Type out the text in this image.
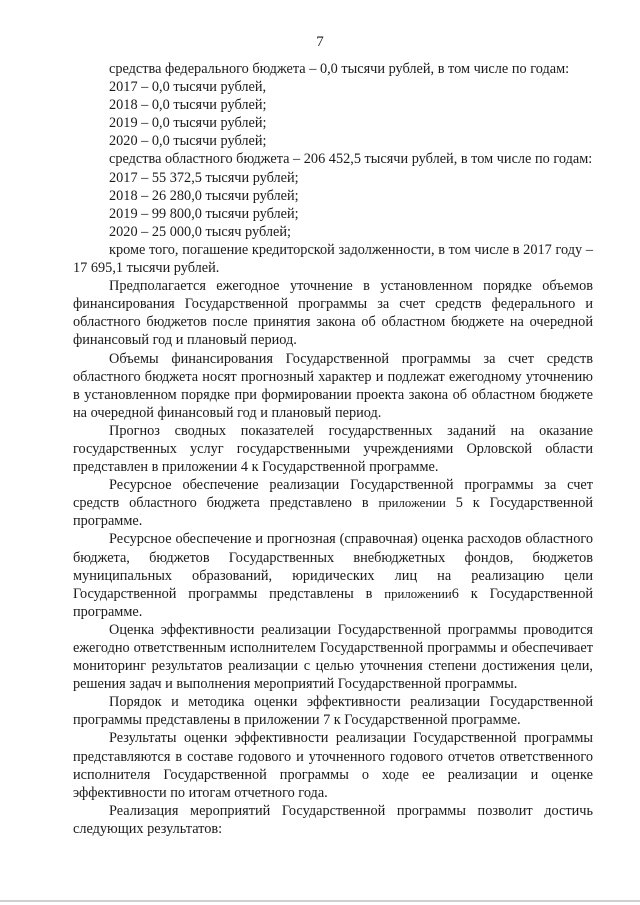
7

средства федерального бюджета – 0,0 тысячи рублей, в том числе по годам:

2017 – 0,0 тысячи рублей,

2018 – 0,0 тысячи рублей;

2019 – 0,0 тысячи рублей;

2020 – 0,0 тысячи рублей;

средства областного бюджета – 206 452,5 тысячи рублей, в том числе по годам:

2017 – 55 372,5 тысячи рублей;

2018 – 26 280,0 тысячи рублей;

2019 – 99 800,0 тысячи рублей;

2020 – 25 000,0 тысяч рублей;

кроме того, погашение кредиторской задолженности, в том числе в 2017 году – 17 695,1 тысячи рублей.

Предполагается ежегодное уточнение в установленном порядке объемов финансирования Государственной программы за счет средств федерального и областного бюджетов после принятия закона об областном бюджете на очередной финансовый год и плановый период.

Объемы финансирования Государственной программы за счет средств областного бюджета носят прогнозный характер и подлежат ежегодному уточнению в установленном порядке при формировании проекта закона об областном бюджете на очередной финансовый год и плановый период.

Прогноз сводных показателей государственных заданий на оказание государственных услуг государственными учреждениями Орловской области представлен в приложении 4 к Государственной программе.

Ресурсное обеспечение реализации Государственной программы за счет средств областного бюджета представлено в приложении 5 к Государственной программе.

Ресурсное обеспечение и прогнозная (справочная) оценка расходов областного бюджета, бюджетов Государственных внебюджетных фондов, бюджетов муниципальных образований, юридических лиц на реализацию цели Государственной программы представлены в приложении6 к Государственной программе.

Оценка эффективности реализации Государственной программы проводится ежегодно ответственным исполнителем Государственной программы и обеспечивает мониторинг результатов реализации с целью уточнения степени достижения цели, решения задач и выполнения мероприятий Государственной программы.

Порядок и методика оценки эффективности реализации Государственной программы представлены в приложении 7 к Государственной программе.

Результаты оценки эффективности реализации Государственной программы представляются в составе годового и уточненного годового отчетов ответственного исполнителя Государственной программы о ходе ее реализации и оценке эффективности по итогам отчетного года.

Реализация мероприятий Государственной программы позволит достичь следующих результатов:
